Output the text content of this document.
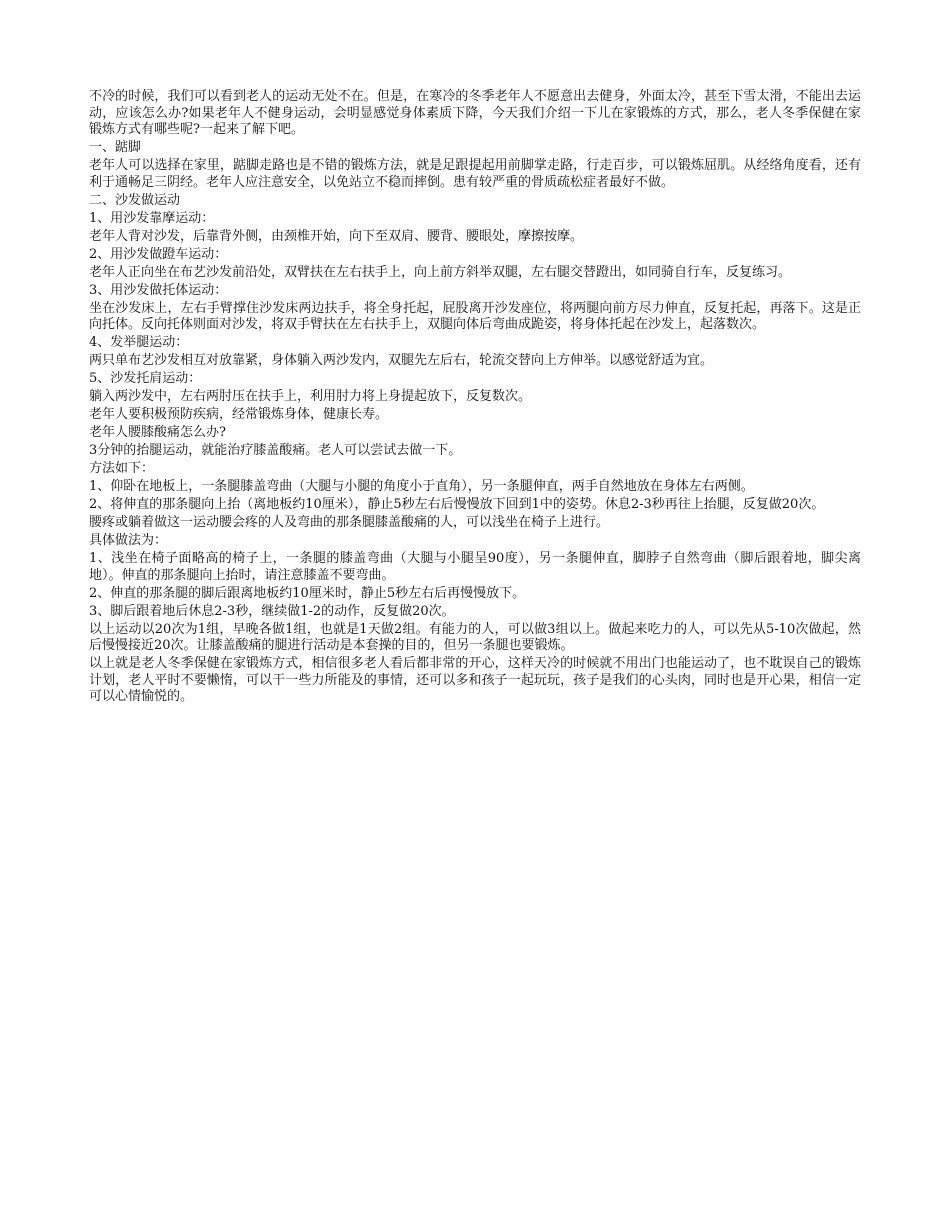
不冷的时候，我们可以看到老人的运动无处不在。但是，在寒冷的冬季老年人不愿意出去健身，外面太冷，甚至下雪太滑，不能出去运动，应该怎么办?如果老年人不健身运动，会明显感觉身体素质下降，今天我们介绍一下儿在家锻炼的方式，那么，老人冬季保健在家锻炼方式有哪些呢?一起来了解下吧。

一、踮脚

老年人可以选择在家里，踮脚走路也是不错的锻炼方法，就是足跟提起用前脚掌走路，行走百步，可以锻炼屈肌。从经络角度看，还有利于通畅足三阴经。老年人应注意安全，以免站立不稳而摔倒。患有较严重的骨质疏松症者最好不做。

二、沙发做运动

1、用沙发靠摩运动：

老年人背对沙发，后靠背外侧，由颈椎开始，向下至双肩、腰背、腰眼处，摩擦按摩。

2、用沙发做蹬车运动：

老年人正向坐在布艺沙发前沿处，双臂扶在左右扶手上，向上前方斜举双腿，左右腿交替蹬出，如同骑自行车，反复练习。

3、用沙发做托体运动：

坐在沙发床上，左右手臂撑住沙发床两边扶手，将全身托起，屁股离开沙发座位，将两腿向前方尽力伸直，反复托起，再落下。这是正向托体。反向托体则面对沙发，将双手臂扶在左右扶手上，双腿向体后弯曲成跪姿，将身体托起在沙发上，起落数次。

4、发举腿运动：

两只单布艺沙发相互对放靠紧，身体躺入两沙发内，双腿先左后右，轮流交替向上方伸举。以感觉舒适为宜。

5、沙发托肩运动：

躺入两沙发中，左右两肘压在扶手上，利用肘力将上身提起放下，反复数次。

老年人要积极预防疾病，经常锻炼身体，健康长寿。

老年人腰膝酸痛怎么办?

3分钟的抬腿运动，就能治疗膝盖酸痛。老人可以尝试去做一下。

方法如下：

1、仰卧在地板上，一条腿膝盖弯曲（大腿与小腿的角度小于直角），另一条腿伸直，两手自然地放在身体左右两侧。

2、将伸直的那条腿向上抬（离地板约10厘米），静止5秒左右后慢慢放下回到1中的姿势。休息2-3秒再往上抬腿，反复做20次。

腰疼或躺着做这一运动腰会疼的人及弯曲的那条腿膝盖酸痛的人，可以浅坐在椅子上进行。

具体做法为：

1、浅坐在椅子面略高的椅子上，一条腿的膝盖弯曲（大腿与小腿呈90度），另一条腿伸直，脚脖子自然弯曲（脚后跟着地，脚尖离地）。伸直的那条腿向上抬时，请注意膝盖不要弯曲。

2、伸直的那条腿的脚后跟离地板约10厘米时，静止5秒左右后再慢慢放下。

3、脚后跟着地后休息2-3秒，继续做1-2的动作，反复做20次。

以上运动以20次为1组，早晚各做1组，也就是1天做2组。有能力的人，可以做3组以上。做起来吃力的人，可以先从5-10次做起，然后慢慢接近20次。让膝盖酸痛的腿进行活动是本套操的目的，但另一条腿也要锻炼。

以上就是老人冬季保健在家锻炼方式，相信很多老人看后都非常的开心，这样天冷的时候就不用出门也能运动了，也不耽误自己的锻炼计划，老人平时不要懒惰，可以干一些力所能及的事情，还可以多和孩子一起玩玩，孩子是我们的心头肉，同时也是开心果，相信一定可以心情愉悦的。
